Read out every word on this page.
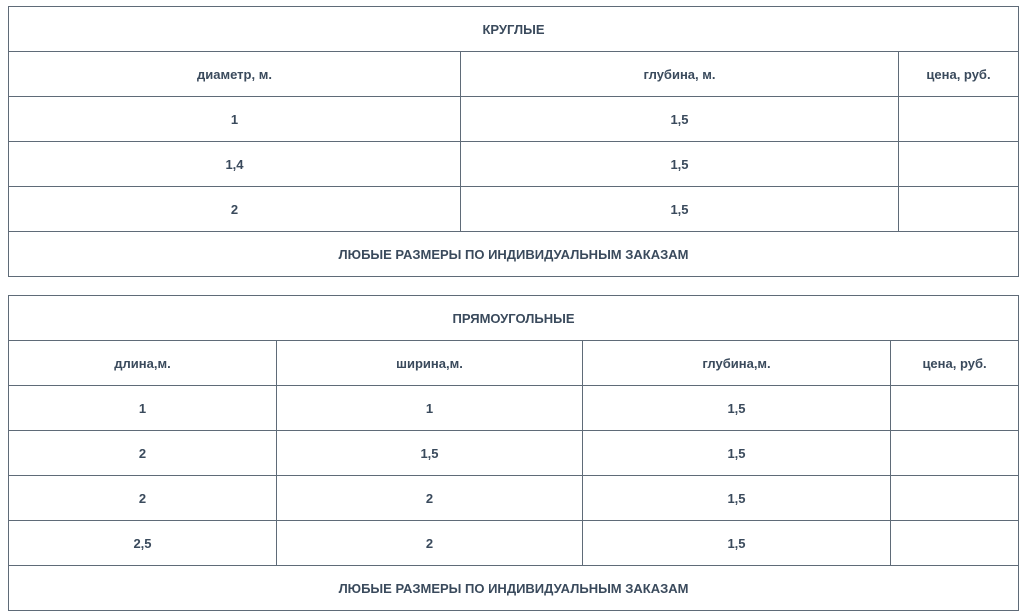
КРУГЛЫЕ		
диаметр, м.	глубина, м.	цена, руб.
1	1,5	
1,4	1,5	
2	1,5	
ЛЮБЫЕ РАЗМЕРЫ ПО ИНДИВИДУАЛЬНЫМ ЗАКАЗАМ		
ПРЯМОУГОЛЬНЫЕ			
длина,м.	ширина,м.	глубина,м.	цена, руб.
1	1	1,5	
2	1,5	1,5	
2	2	1,5	
2,5	2	1,5	
ЛЮБЫЕ РАЗМЕРЫ ПО ИНДИВИДУАЛЬНЫМ ЗАКАЗАМ			
